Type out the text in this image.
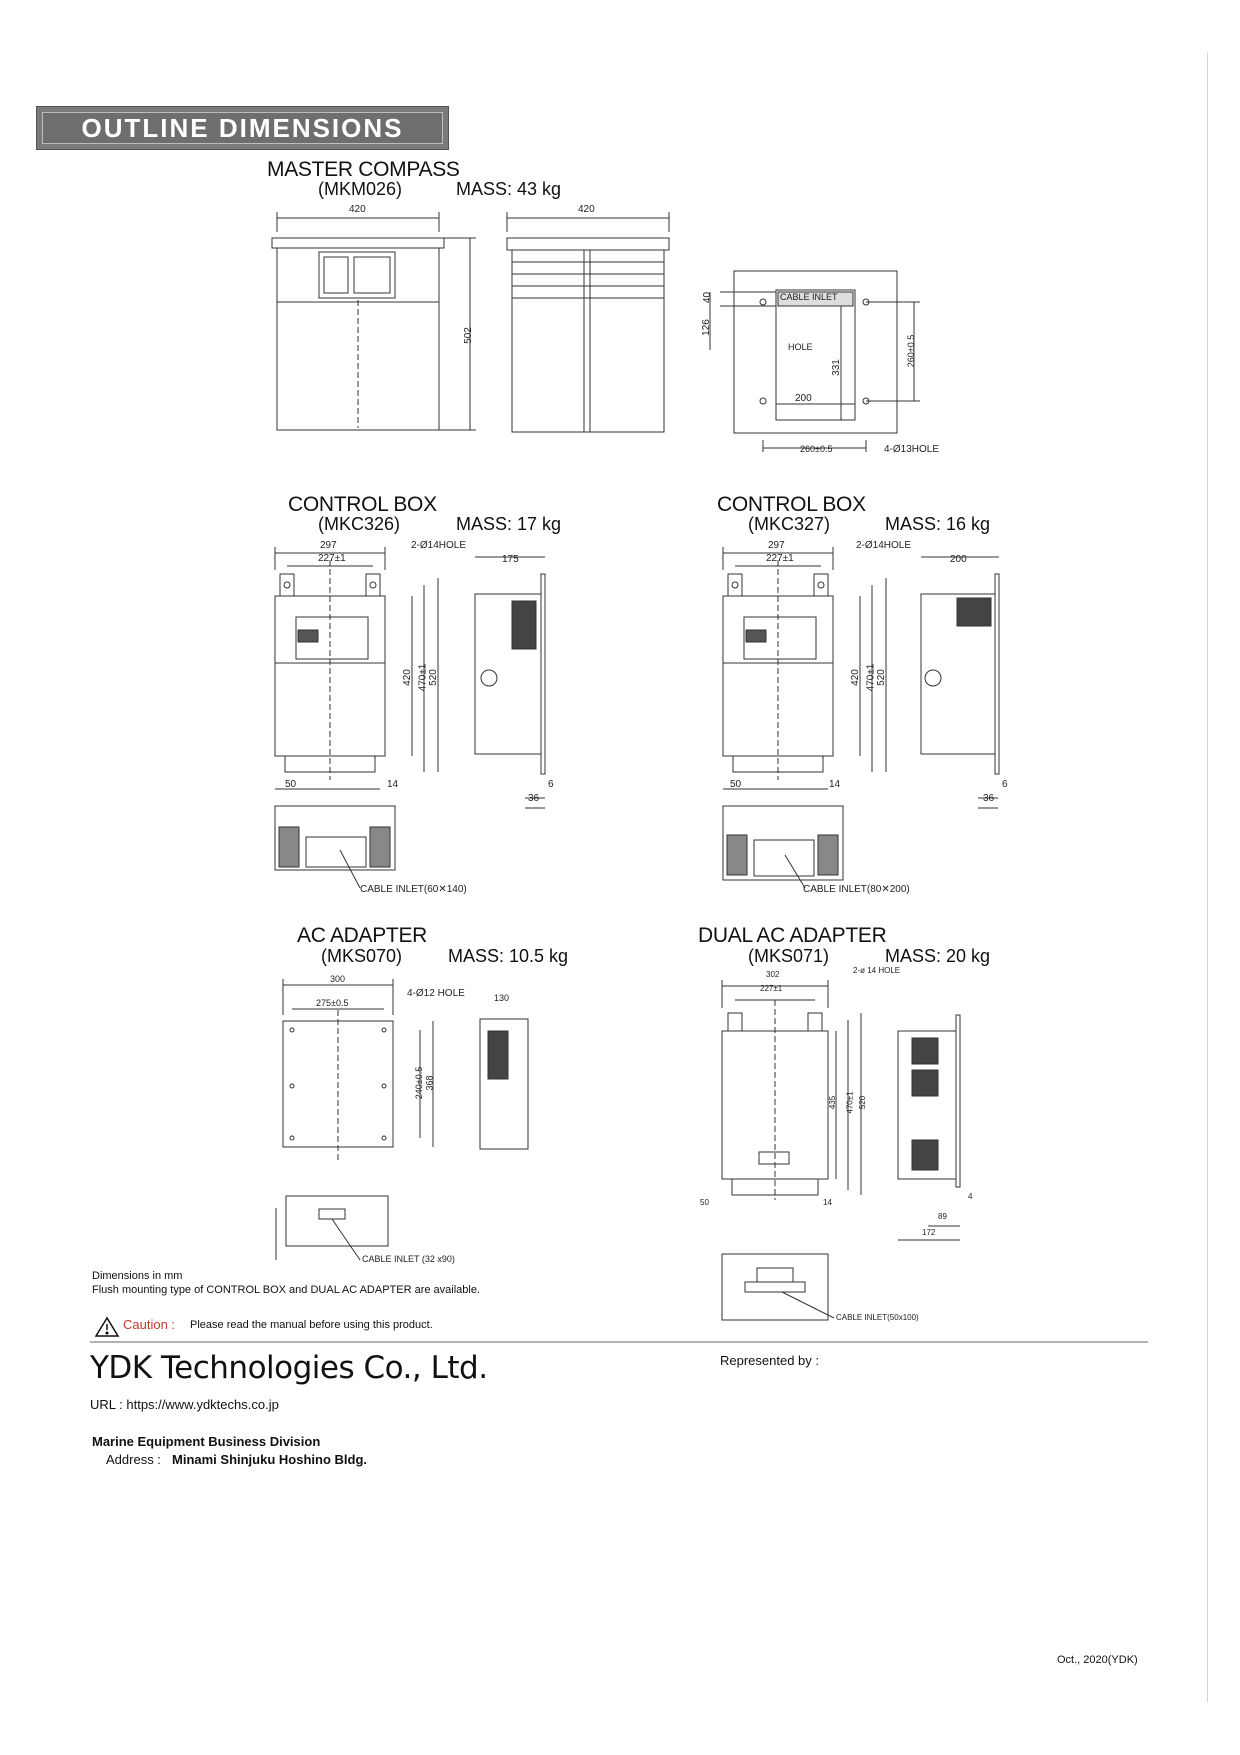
OUTLINE DIMENSIONS
MASTER COMPASS
(MKM026)	MASS: 43 kg
CONTROL BOX
(MKC326)	MASS: 17 kg
CONTROL BOX
(MKC327)	MASS: 16 kg
AC ADAPTER
(MKS070)	MASS: 10.5 kg
DUAL AC ADAPTER
(MKS071)	MASS: 20 kg
420	420
502
40
126
CABLE INLET
HOLE
331
260±0.5
200
260±0.5	4-Ø13HOLE
297
227±1
2-Ø14HOLE
175
420 470±1 520
50	14	6
36
CABLE INLET(60✕140)
297
227±1
2-Ø14HOLE
200
420 470±1 520
50	14	6
36
CABLE INLET(80✕200)
300
275±0.5
4-Ø12 HOLE	130
240±0.5 368
CABLE INLET (32 x90)
302
227±1
2-ø 14 HOLE
435 470±1 520
50	14
4
89
172
CABLE INLET(50x100)
Dimensions in mm
Flush mounting type of CONTROL BOX and DUAL AC ADAPTER are available.
Caution : Please read the manual before using this product.
YDK Technologies Co., Ltd.
URL : https://www.ydktechs.co.jp
Represented by :
Marine Equipment Business Division
Address : Minami Shinjuku Hoshino Bldg.
Oct., 2020(YDK)
